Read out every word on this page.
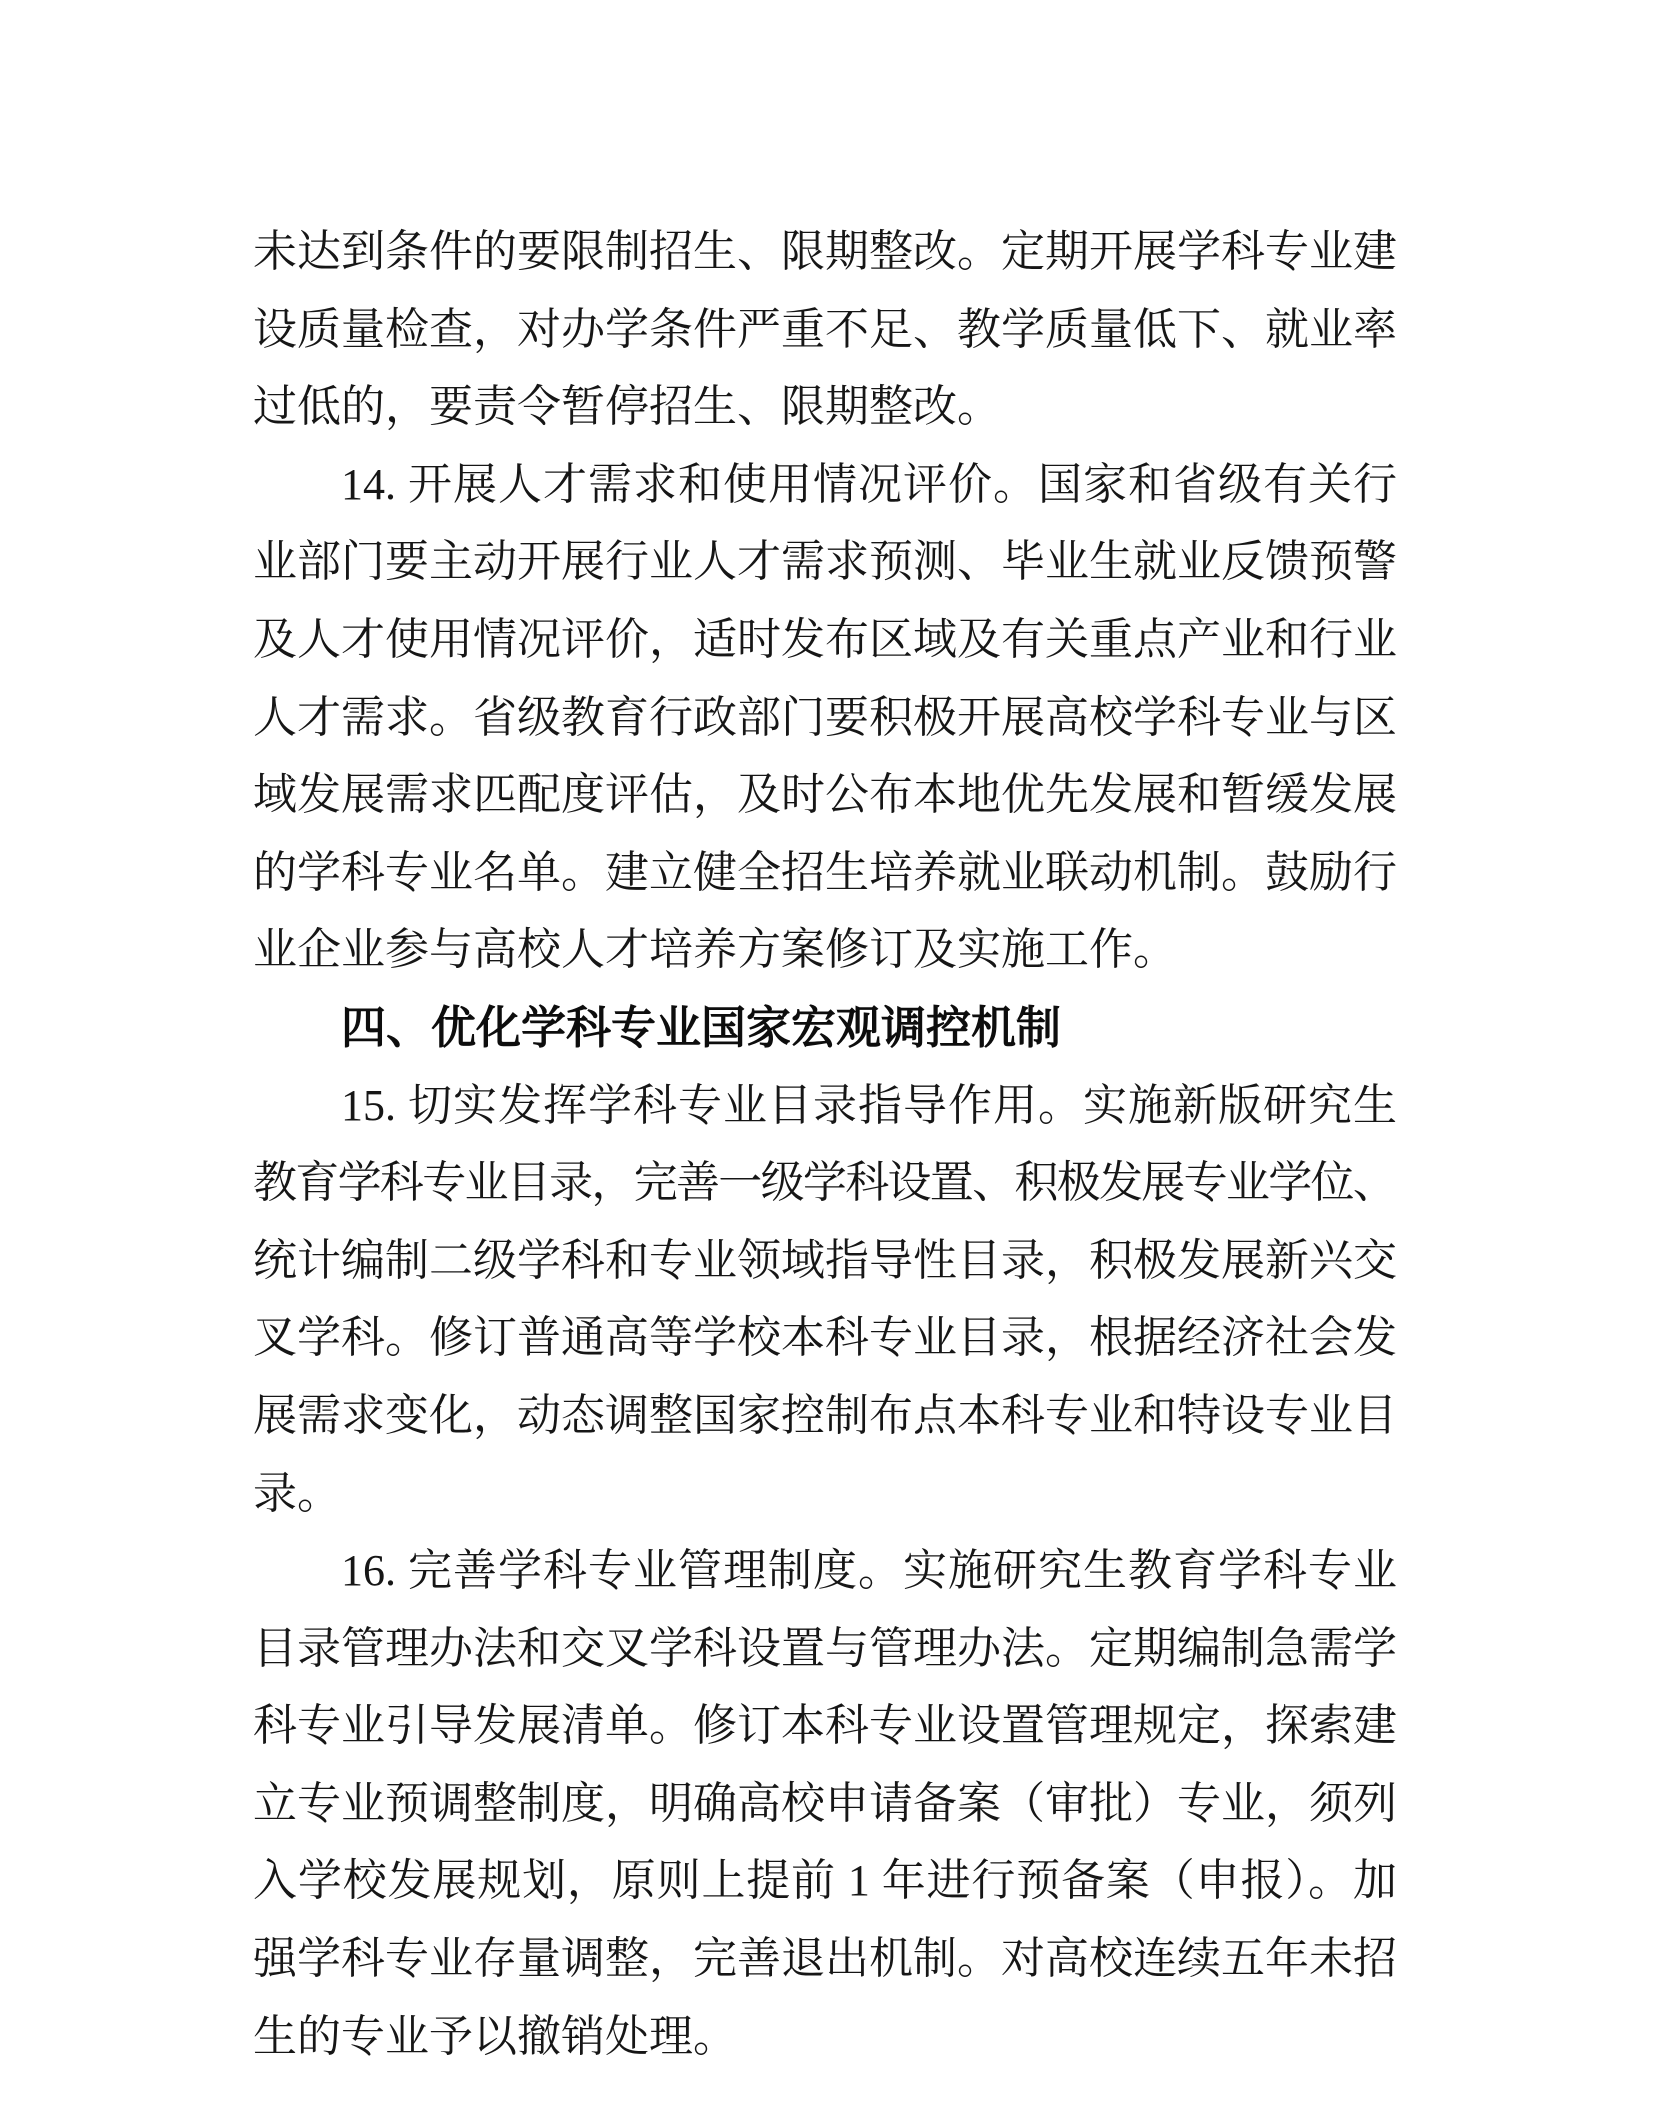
未达到条件的要限制招生、限期整改。定期开展学科专业建
设质量检查，对办学条件严重不足、教学质量低下、就业率
过低的，要责令暂停招生、限期整改。
14. 开展人才需求和使用情况评价。国家和省级有关行
业部门要主动开展行业人才需求预测、毕业生就业反馈预警
及人才使用情况评价，适时发布区域及有关重点产业和行业
人才需求。省级教育行政部门要积极开展高校学科专业与区
域发展需求匹配度评估，及时公布本地优先发展和暂缓发展
的学科专业名单。建立健全招生培养就业联动机制。鼓励行
业企业参与高校人才培养方案修订及实施工作。
四、优化学科专业国家宏观调控机制
15. 切实发挥学科专业目录指导作用。实施新版研究生
教育学科专业目录，完善一级学科设置、积极发展专业学位、
统计编制二级学科和专业领域指导性目录，积极发展新兴交
叉学科。修订普通高等学校本科专业目录，根据经济社会发
展需求变化，动态调整国家控制布点本科专业和特设专业目
录。
16. 完善学科专业管理制度。实施研究生教育学科专业
目录管理办法和交叉学科设置与管理办法。定期编制急需学
科专业引导发展清单。修订本科专业设置管理规定，探索建
立专业预调整制度，明确高校申请备案（审批）专业，须列
入学校发展规划，原则上提前 1 年进行预备案（申报）。加
强学科专业存量调整，完善退出机制。对高校连续五年未招
生的专业予以撤销处理。
